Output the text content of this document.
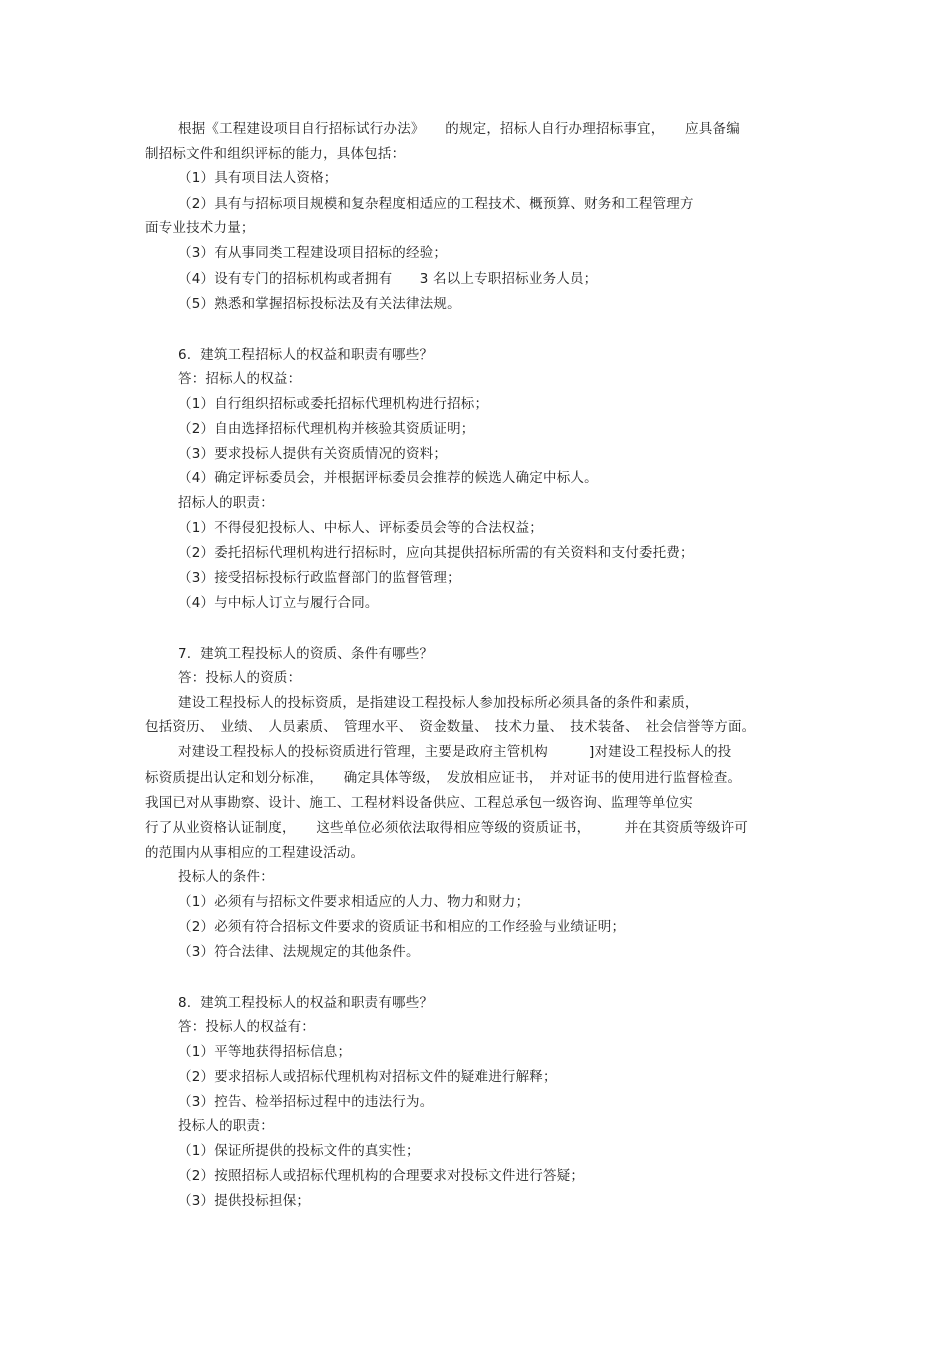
根据《工程建设项目自行招标试行办法》　　的规定，招标人自行办理招标事宜，　　应具备编
制招标文件和组织评标的能力，具体包括：
（1）具有项目法人资格；
（2）具有与招标项目规模和复杂程度相适应的工程技术、概预算、财务和工程管理方
面专业技术力量；
（3）有从事同类工程建设项目招标的经验；
（4）设有专门的招标机构或者拥有　　3 名以上专职招标业务人员；
（5）熟悉和掌握招标投标法及有关法律法规。
6.  建筑工程招标人的权益和职责有哪些？
答：招标人的权益：
（1）自行组织招标或委托招标代理机构进行招标；
（2）自由选择招标代理机构并核验其资质证明；
（3）要求投标人提供有关资质情况的资料；
（4）确定评标委员会，并根据评标委员会推荐的候选人确定中标人。
招标人的职责：
（1）不得侵犯投标人、中标人、评标委员会等的合法权益；
（2）委托招标代理机构进行招标时，应向其提供招标所需的有关资料和支付委托费；
（3）接受招标投标行政监督部门的监督管理；
（4）与中标人订立与履行合同。
7.  建筑工程投标人的资质、条件有哪些？
答：投标人的资质：
建设工程投标人的投标资质，是指建设工程投标人参加投标所必须具备的条件和素质，
包括资历、　业绩、　人员素质、　管理水平、　资金数量、　技术力量、　技术装备、　社会信誉等方面。
对建设工程投标人的投标资质进行管理，主要是政府主管机构　　　]对建设工程投标人的投
标资质提出认定和划分标准，　　确定具体等级，　发放相应证书，　并对证书的使用进行监督检查。
我国已对从事勘察、设计、施工、工程材料设备供应、工程总承包一级咨询、监理等单位实
行了从业资格认证制度，　　这些单位必须依法取得相应等级的资质证书，　　　并在其资质等级许可
的范围内从事相应的工程建设活动。
投标人的条件：
（1）必须有与招标文件要求相适应的人力、物力和财力；
（2）必须有符合招标文件要求的资质证书和相应的工作经验与业绩证明；
（3）符合法律、法规规定的其他条件。
8.  建筑工程投标人的权益和职责有哪些？
答：投标人的权益有：
（1）平等地获得招标信息；
（2）要求招标人或招标代理机构对招标文件的疑难进行解释；
（3）控告、检举招标过程中的违法行为。
投标人的职责：
（1）保证所提供的投标文件的真实性；
（2）按照招标人或招标代理机构的合理要求对投标文件进行答疑；
（3）提供投标担保；
